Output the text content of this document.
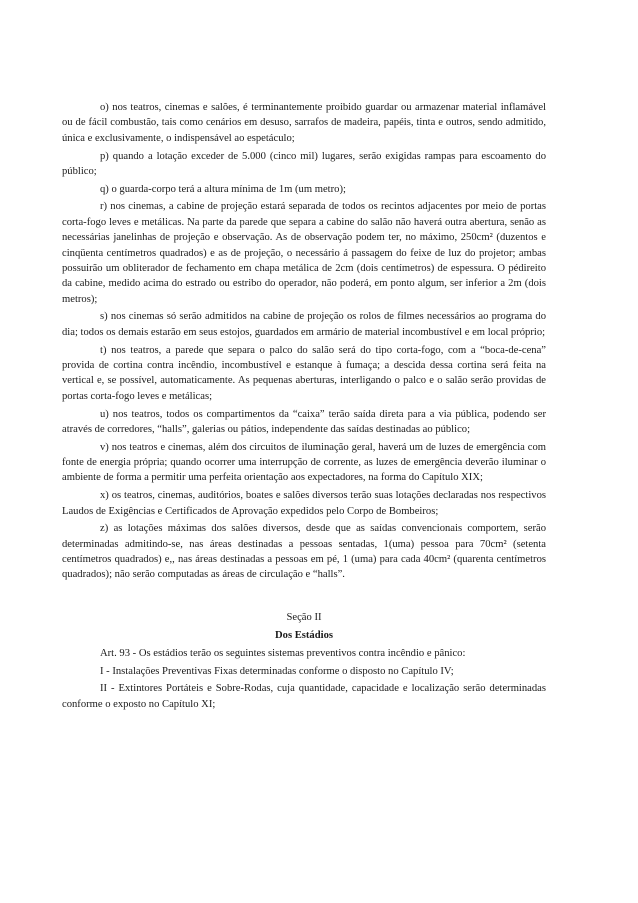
o) nos teatros, cinemas e salões, é terminantemente proibido guardar ou armazenar material inflamável ou de fácil combustão, tais como cenários em desuso, sarrafos de madeira, papéis, tinta e outros, sendo admitido, única e exclusivamente, o indispensável ao espetáculo;

p) quando a lotação exceder de 5.000 (cinco mil) lugares, serão exigidas rampas para escoamento do público;

q) o guarda-corpo terá a altura mínima de 1m (um metro);

r) nos cinemas, a cabine de projeção estará separada de todos os recintos adjacentes por meio de portas corta-fogo leves e metálicas. Na parte da parede que separa a cabine do salão não haverá outra abertura, senão as necessárias janelinhas de projeção e observação. As de observação podem ter, no máximo, 250cm² (duzentos e cinqüenta centímetros quadrados) e as de projeção, o necessário á passagem do feixe de luz do projetor; ambas possuirão um obliterador de fechamento em chapa metálica de 2cm (dois centímetros) de espessura. O pédireito da cabine, medido acima do estrado ou estribo do operador, não poderá, em ponto algum, ser inferior a 2m (dois metros);

s) nos cinemas só serão admitidos na cabine de projeção os rolos de filmes necessários ao programa do dia; todos os demais estarão em seus estojos, guardados em armário de material incombustível e em local próprio;

t) nos teatros, a parede que separa o palco do salão será do tipo corta-fogo, com a “boca-de-cena” provida de cortina contra incêndio, incombustível e estanque à fumaça; a descida dessa cortina será feita na vertical e, se possível, automaticamente. As pequenas aberturas, interligando o palco e o salão serão providas de portas corta-fogo leves e metálicas;

u) nos teatros, todos os compartimentos da “caixa” terão saída direta para a via pública, podendo ser através de corredores, “halls”, galerias ou pátios, independente das saídas destinadas ao público;

v) nos teatros e cinemas, além dos circuitos de iluminação geral, haverá um de luzes de emergência com fonte de energia própria; quando ocorrer uma interrupção de corrente, as luzes de emergência deverão iluminar o ambiente de forma a permitir uma perfeita orientação aos expectadores, na forma do Capítulo XIX;

x) os teatros, cinemas, auditórios, boates e salões diversos terão suas lotações declaradas nos respectivos Laudos de Exigências e Certificados de Aprovação expedidos pelo Corpo de Bombeiros;

z) as lotações máximas dos salões diversos, desde que as saídas convencionais comportem, serão determinadas admitindo-se, nas áreas destinadas a pessoas sentadas, 1(uma) pessoa para 70cm² (setenta centímetros quadrados) e,, nas áreas destinadas a pessoas em pé, 1 (uma) para cada 40cm² (quarenta centímetros quadrados); não serão computadas as áreas de circulação e “halls”.

Seção II
Dos Estádios

Art. 93 - Os estádios terão os seguintes sistemas preventivos contra incêndio e pânico:

I - Instalações Preventivas Fixas determinadas conforme o disposto no Capítulo IV;

II - Extintores Portáteis e Sobre-Rodas, cuja quantidade, capacidade e localização serão determinadas conforme o exposto no Capítulo XI;
